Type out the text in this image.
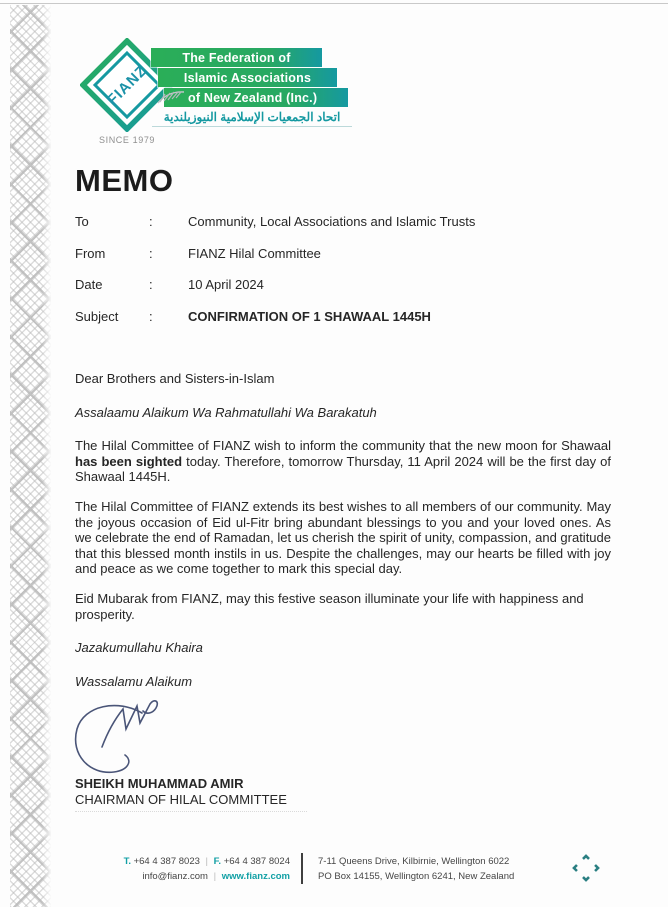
FIANZ
The Federation of
Islamic Associations
of New Zealand (Inc.)
اتحاد الجمعيات الإسلامية النيوزيلندية
SINCE 1979
MEMO
To	:	Community, Local Associations and Islamic Trusts
From	:	FIANZ Hilal Committee
Date	:	10 April 2024
Subject	:	CONFIRMATION OF 1 SHAWAAL 1445H

Dear Brothers and Sisters-in-Islam

Assalaamu Alaikum Wa Rahmatullahi Wa Barakatuh

The Hilal Committee of FIANZ wish to inform the community that the new moon for Shawaal has been sighted today. Therefore, tomorrow Thursday, 11 April 2024 will be the first day of Shawaal 1445H.

The Hilal Committee of FIANZ extends its best wishes to all members of our community. May the joyous occasion of Eid ul-Fitr bring abundant blessings to you and your loved ones. As we celebrate the end of Ramadan, let us cherish the spirit of unity, compassion, and gratitude that this blessed month instils in us. Despite the challenges, may our hearts be filled with joy and peace as we come together to mark this special day.

Eid Mubarak from FIANZ, may this festive season illuminate your life with happiness and prosperity.

Jazakumullahu Khaira

Wassalamu Alaikum

SHEIKH MUHAMMAD AMIR
CHAIRMAN OF HILAL COMMITTEE
T. +64 4 387 8023 | F. +64 4 387 8024
info@fianz.com | www.fianz.com
7-11 Queens Drive, Kilbirnie, Wellington 6022
PO Box 14155, Wellington 6241, New Zealand
